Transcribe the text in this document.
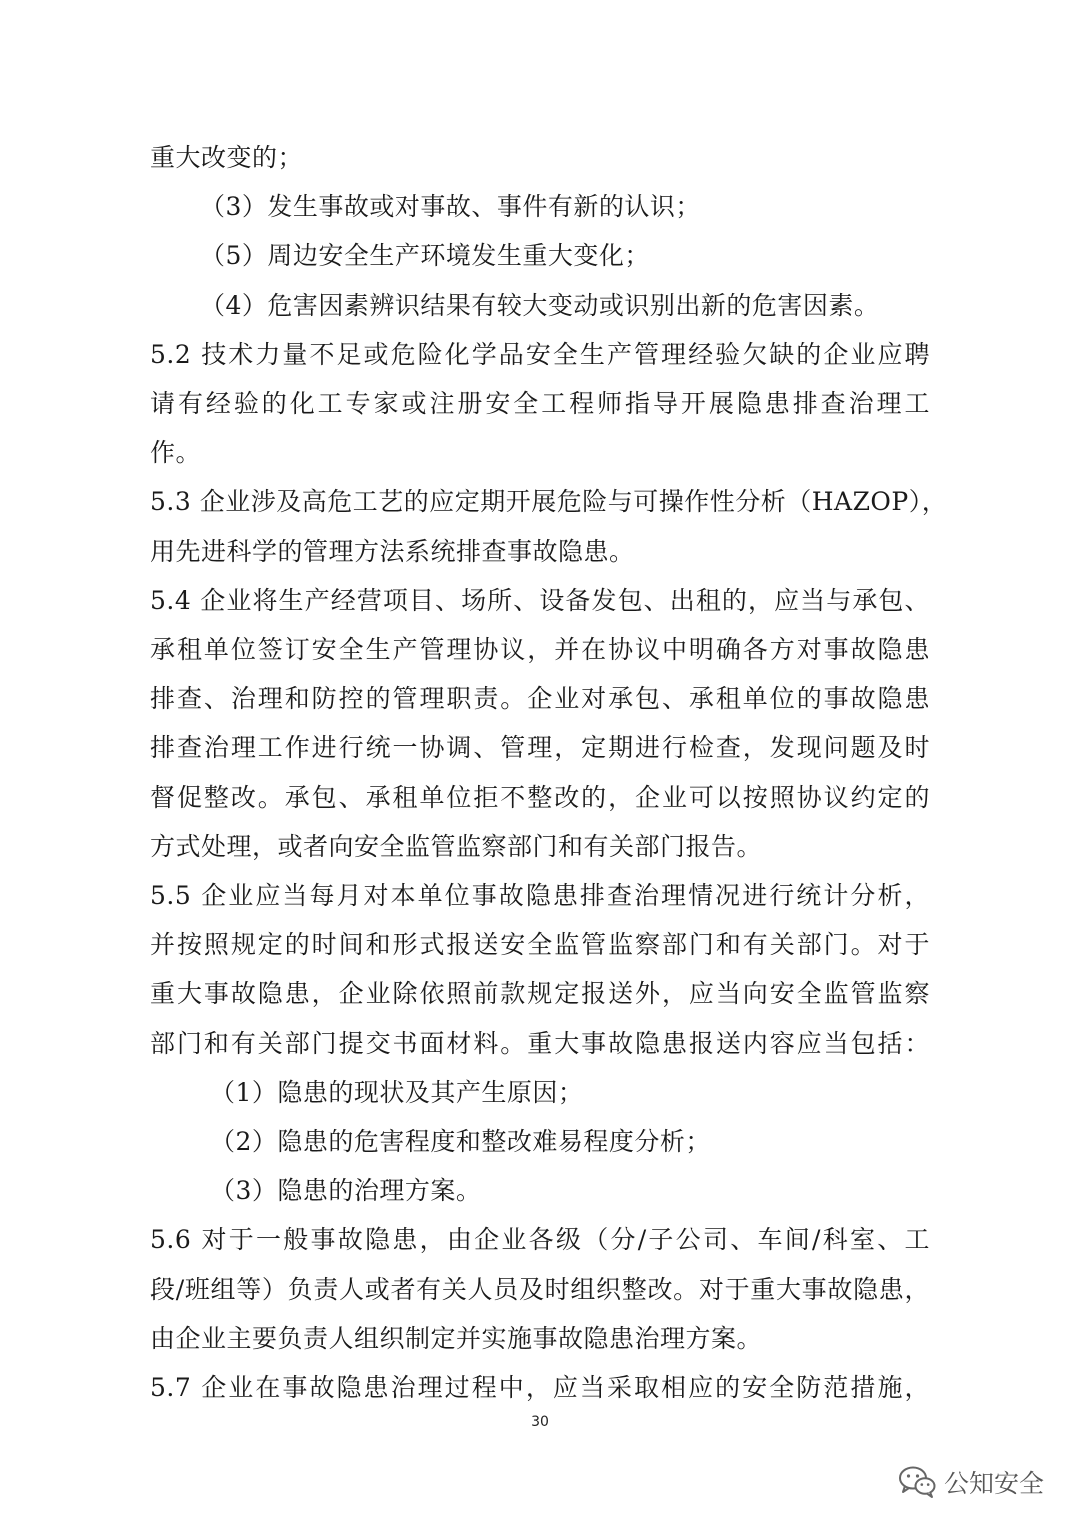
重大改变的；
（3）发生事故或对事故、事件有新的认识；
（5）周边安全生产环境发生重大变化；
（4）危害因素辨识结果有较大变动或识别出新的危害因素。
5.2 技术力量不足或危险化学品安全生产管理经验欠缺的企业应聘
请有经验的化工专家或注册安全工程师指导开展隐患排查治理工
作。
5.3 企业涉及高危工艺的应定期开展危险与可操作性分析（HAZOP），
用先进科学的管理方法系统排查事故隐患。
5.4 企业将生产经营项目、场所、设备发包、出租的，应当与承包、
承租单位签订安全生产管理协议，并在协议中明确各方对事故隐患
排查、治理和防控的管理职责。企业对承包、承租单位的事故隐患
排查治理工作进行统一协调、管理，定期进行检查，发现问题及时
督促整改。承包、承租单位拒不整改的，企业可以按照协议约定的
方式处理，或者向安全监管监察部门和有关部门报告。
5.5 企业应当每月对本单位事故隐患排查治理情况进行统计分析，
并按照规定的时间和形式报送安全监管监察部门和有关部门。对于
重大事故隐患，企业除依照前款规定报送外，应当向安全监管监察
部门和有关部门提交书面材料。重大事故隐患报送内容应当包括：
（1）隐患的现状及其产生原因；
（2）隐患的危害程度和整改难易程度分析；
（3）隐患的治理方案。
5.6 对于一般事故隐患，由企业各级（分/子公司、车间/科室、工
段/班组等）负责人或者有关人员及时组织整改。对于重大事故隐患，
由企业主要负责人组织制定并实施事故隐患治理方案。
5.7 企业在事故隐患治理过程中，应当采取相应的安全防范措施，
30
公知安全
